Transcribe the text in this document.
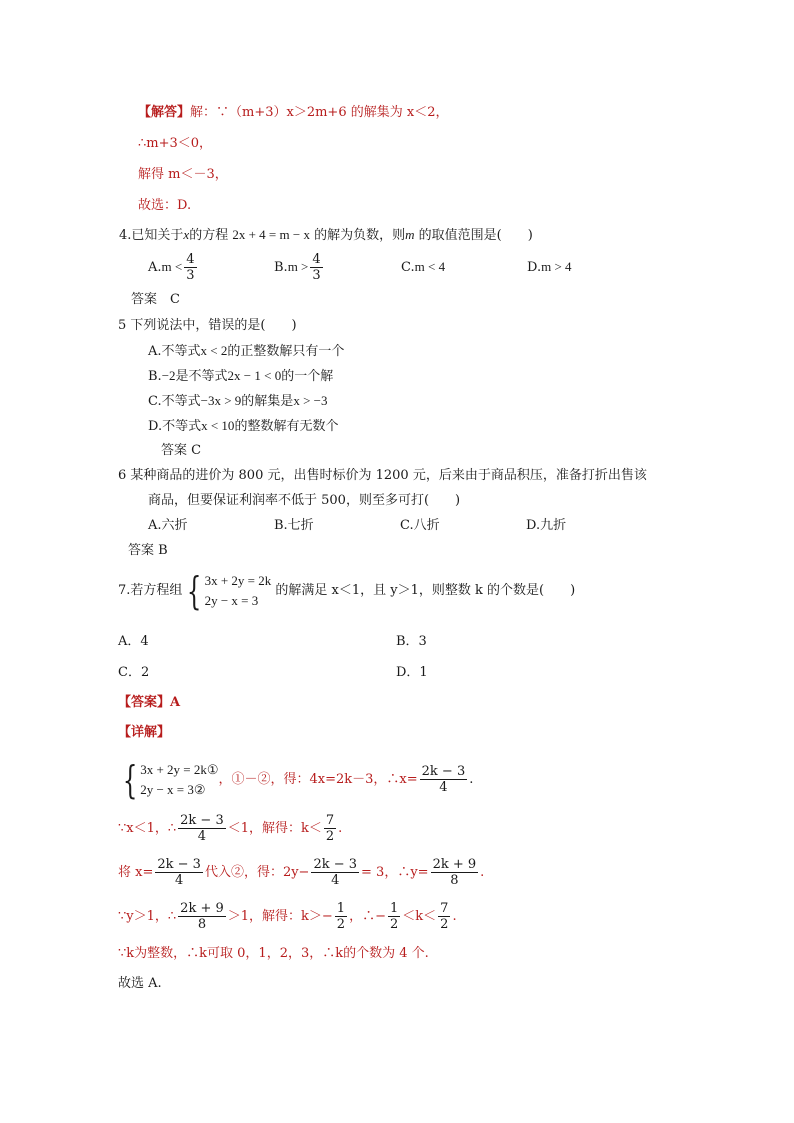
【解答】解：∵（m+3）x＞2m+6 的解集为 x＜2，
∴m+3＜0，
解得 m＜－3，
故选：D.
4.已知关于x的方程 2x + 4 = m − x 的解为负数，则m 的取值范围是(　　)
$A.m < \frac{4}{3}$	$B.m > \frac{4}{3}$	C.m < 4	D.m > 4
答案　C
5 下列说法中，错误的是(　　)
A.不等式x < 2的正整数解只有一个
B.−2是不等式2x − 1 < 0的一个解
C.不等式−3x > 9的解集是x > −3
D.不等式x < 10的整数解有无数个
答案 C
6 某种商品的进价为 800 元，出售时标价为 1200 元，后来由于商品积压，准备打折出售该
商品，但要保证利润率不低于 500，则至多可打(　　)
A.六折	B.七折	C.八折	D.九折
答案 B
7.若方程组 { 3x + 2y = 2k
2y − x = 3
的解满足 x＜1，且 y＞1，则整数 k 的个数是(　　)
A．4	B．3
C．2	D．1
【答案】A
【详解】
{ 3x + 2y = 2k①
2y − x = 3②
，①－②，得：4x=2k－3，∴x= $\frac{2k - 3}{4}$ .
∵x＜1，∴ $\frac{2k - 3}{4} <1$，解得：$k< \frac{7}{2}$ .
将 $x= \frac{2k - 3}{4}$ 代入②，得：$2y- \frac{2k - 3}{4} = 3$，∴y= $\frac{2k + 9}{8}$ .
∵y＞1，∴ $\frac{2k + 9}{8} >1$，解得：$k>- \frac{1}{2}$ ，∴− $\frac{1}{2} <k< \frac{7}{2}$ .
∵k为整数，∴k可取 0，1，2，3，∴k的个数为 4 个.
故选 A.
